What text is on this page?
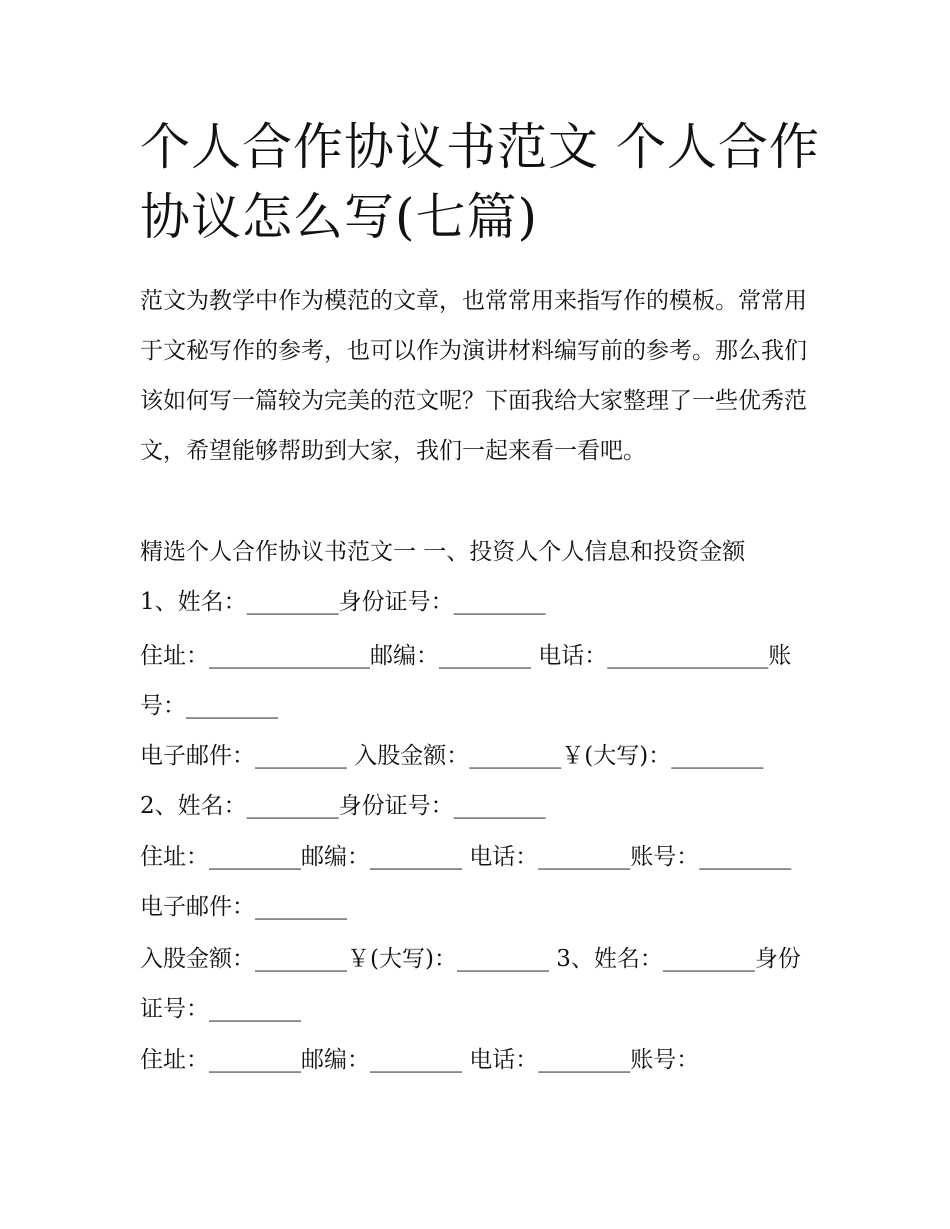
个人合作协议书范文 个人合作协议怎么写(七篇)

范文为教学中作为模范的文章，也常常用来指写作的模板。常常用于文秘写作的参考，也可以作为演讲材料编写前的参考。那么我们该如何写一篇较为完美的范文呢？下面我给大家整理了一些优秀范文，希望能够帮助到大家，我们一起来看一看吧。

精选个人合作协议书范文一 一、投资人个人信息和投资金额

1、姓名：________身份证号：________

住址：______________邮编：________ 电话：______________账号：________

电子邮件：________ 入股金额：________￥(大写)：________

2、姓名：________身份证号：________

住址：________邮编：________ 电话：________账号：________ 电子邮件：________

入股金额：________￥(大写)：________ 3、姓名：________身份证号：________

住址：________邮编：________ 电话：________账号：
